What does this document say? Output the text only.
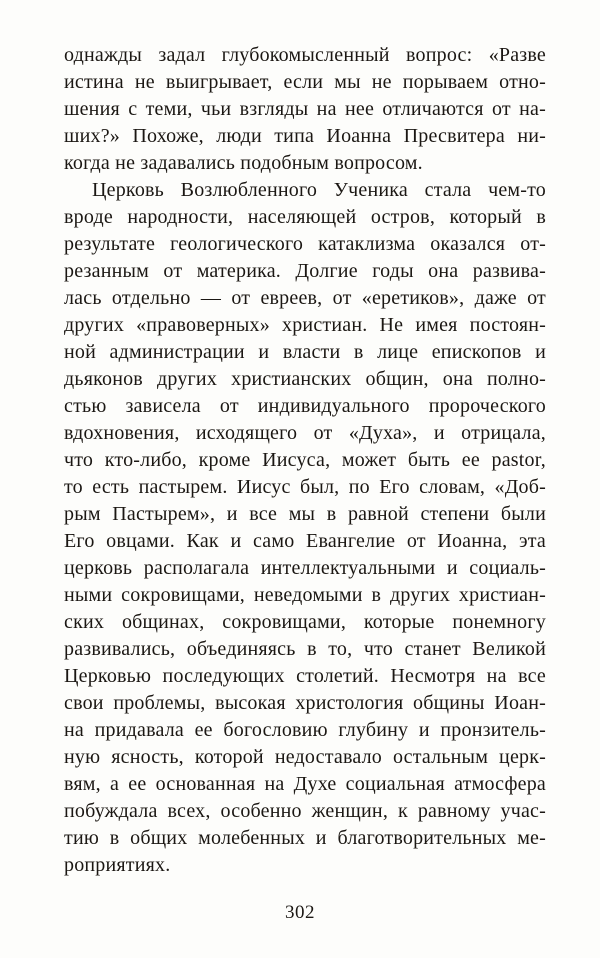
однажды задал глубокомысленный вопрос: «Разве
истина не выигрывает, если мы не порываем отно-
шения с теми, чьи взгляды на нее отличаются от на-
ших?» Похоже, люди типа Иоанна Пресвитера ни-
когда не задавались подобным вопросом.
Церковь Возлюбленного Ученика стала чем-то
вроде народности, населяющей остров, который в
результате геологического катаклизма оказался от-
резанным от материка. Долгие годы она развива-
лась отдельно — от евреев, от «еретиков», даже от
других «правоверных» христиан. Не имея постоян-
ной администрации и власти в лице епископов и
дьяконов других христианских общин, она полно-
стью зависела от индивидуального пророческого
вдохновения, исходящего от «Духа», и отрицала,
что кто-либо, кроме Иисуса, может быть ее pastor,
то есть пастырем. Иисус был, по Его словам, «Доб-
рым Пастырем», и все мы в равной степени были
Его овцами. Как и само Евангелие от Иоанна, эта
церковь располагала интеллектуальными и социаль-
ными сокровищами, неведомыми в других христиан-
ских общинах, сокровищами, которые понемногу
развивались, объединяясь в то, что станет Великой
Церковью последующих столетий. Несмотря на все
свои проблемы, высокая христология общины Иоан-
на придавала ее богословию глубину и пронзитель-
ную ясность, которой недоставало остальным церк-
вям, а ее основанная на Духе социальная атмосфера
побуждала всех, особенно женщин, к равному учас-
тию в общих молебенных и благотворительных ме-
роприятиях.
302
